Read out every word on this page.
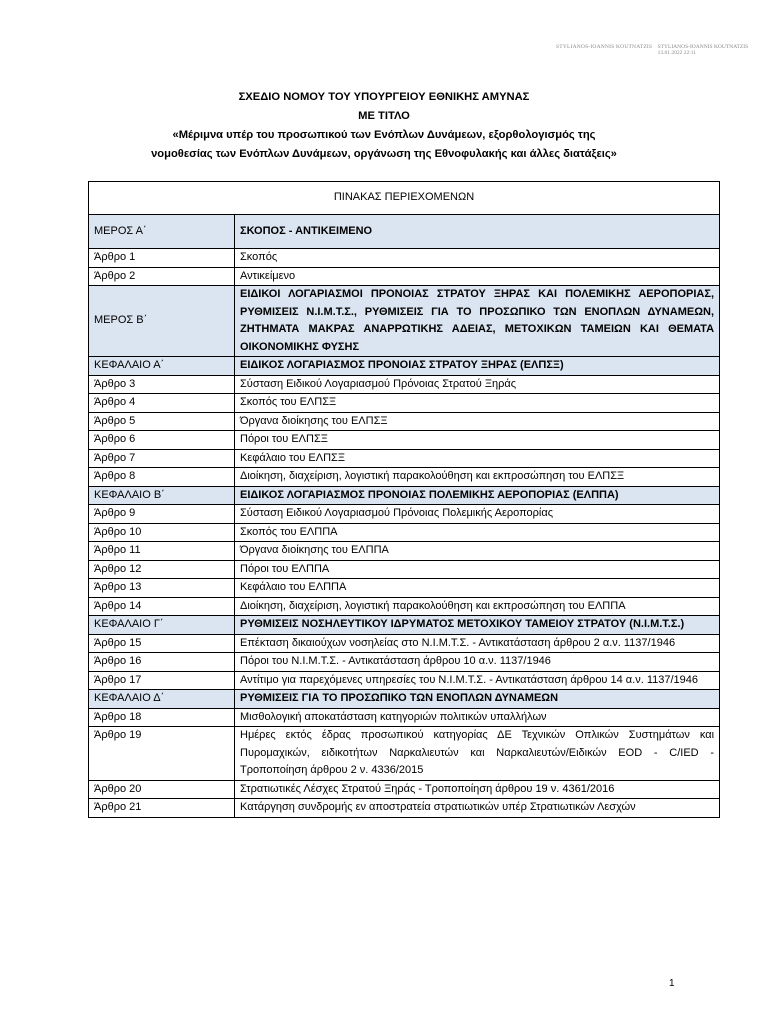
STYLIANOS-IOANNIS KOUTNATZIS STYLIANOS-IOANNIS KOUTNATZIS
13.01.2022 22:11
ΣΧΕΔΙΟ ΝΟΜΟΥ ΤΟΥ ΥΠΟΥΡΓΕΙΟΥ ΕΘΝΙΚΗΣ ΑΜΥΝΑΣ
ΜΕ ΤΙΤΛΟ
«Μέριμνα υπέρ του προσωπικού των Ενόπλων Δυνάμεων, εξορθολογισμός της
νομοθεσίας των Ενόπλων Δυνάμεων, οργάνωση της Εθνοφυλακής και άλλες διατάξεις»
ΠΙΝΑΚΑΣ ΠΕΡΙΕΧΟΜΕΝΩΝ	
ΜΕΡΟΣ Α΄	ΣΚΟΠΟΣ - ΑΝΤΙΚΕΙΜΕΝΟ
Άρθρο 1	Σκοπός
Άρθρο 2	Αντικείμενο
ΜΕΡΟΣ Β΄	ΕΙΔΙΚΟΙ ΛΟΓΑΡΙΑΣΜΟΙ ΠΡΟΝΟΙΑΣ ΣΤΡΑΤΟΥ ΞΗΡΑΣ ΚΑΙ ΠΟΛΕΜΙΚΗΣ ΑΕΡΟΠΟΡΙΑΣ, ΡΥΘΜΙΣΕΙΣ Ν.Ι.Μ.Τ.Σ., ΡΥΘΜΙΣΕΙΣ ΓΙΑ ΤΟ ΠΡΟΣΩΠΙΚΟ ΤΩΝ ΕΝΟΠΛΩΝ ΔΥΝΑΜΕΩΝ, ΖΗΤΗΜΑΤΑ ΜΑΚΡΑΣ ΑΝΑΡΡΩΤΙΚΗΣ ΑΔΕΙΑΣ, ΜΕΤΟΧΙΚΩΝ ΤΑΜΕΙΩΝ ΚΑΙ ΘΕΜΑΤΑ ΟΙΚΟΝΟΜΙΚΗΣ ΦΥΣΗΣ
ΚΕΦΑΛΑΙΟ Α΄	ΕΙΔΙΚΟΣ ΛΟΓΑΡΙΑΣΜΟΣ ΠΡΟΝΟΙΑΣ ΣΤΡΑΤΟΥ ΞΗΡΑΣ (ΕΛΠΣΞ)
Άρθρο 3	Σύσταση Ειδικού Λογαριασμού Πρόνοιας Στρατού Ξηράς
Άρθρο 4	Σκοπός του ΕΛΠΣΞ
Άρθρο 5	Όργανα διοίκησης του ΕΛΠΣΞ
Άρθρο 6	Πόροι του ΕΛΠΣΞ
Άρθρο 7	Κεφάλαιο του ΕΛΠΣΞ
Άρθρο 8	Διοίκηση, διαχείριση, λογιστική παρακολούθηση και εκπροσώπηση του ΕΛΠΣΞ
ΚΕΦΑΛΑΙΟ Β΄	ΕΙΔΙΚΟΣ ΛΟΓΑΡΙΑΣΜΟΣ ΠΡΟΝΟΙΑΣ ΠΟΛΕΜΙΚΗΣ ΑΕΡΟΠΟΡΙΑΣ (ΕΛΠΠΑ)
Άρθρο 9	Σύσταση Ειδικού Λογαριασμού Πρόνοιας Πολεμικής Αεροπορίας
Άρθρο 10	Σκοπός του ΕΛΠΠΑ
Άρθρο 11	Όργανα διοίκησης του ΕΛΠΠΑ
Άρθρο 12	Πόροι του ΕΛΠΠΑ
Άρθρο 13	Κεφάλαιο του ΕΛΠΠΑ
Άρθρο 14	Διοίκηση, διαχείριση, λογιστική παρακολούθηση και εκπροσώπηση του ΕΛΠΠΑ
ΚΕΦΑΛΑΙΟ Γ΄	ΡΥΘΜΙΣΕΙΣ ΝΟΣΗΛΕΥΤΙΚΟΥ ΙΔΡΥΜΑΤΟΣ ΜΕΤΟΧΙΚΟΥ ΤΑΜΕΙΟΥ ΣΤΡΑΤΟΥ (Ν.Ι.Μ.Τ.Σ.)
Άρθρο 15	Επέκταση δικαιούχων νοσηλείας στο Ν.Ι.Μ.Τ.Σ. - Αντικατάσταση άρθρου 2 α.ν. 1137/1946
Άρθρο 16	Πόροι του Ν.Ι.Μ.Τ.Σ. - Αντικατάσταση άρθρου 10 α.ν. 1137/1946
Άρθρο 17	Αντίτιμο για παρεχόμενες υπηρεσίες του Ν.Ι.Μ.Τ.Σ. - Αντικατάσταση άρθρου 14 α.ν. 1137/1946
ΚΕΦΑΛΑΙΟ Δ΄	ΡΥΘΜΙΣΕΙΣ ΓΙΑ ΤΟ ΠΡΟΣΩΠΙΚΟ ΤΩΝ ΕΝΟΠΛΩΝ ΔΥΝΑΜΕΩΝ
Άρθρο 18	Μισθολογική αποκατάσταση κατηγοριών πολιτικών υπαλλήλων
Άρθρο 19	Ημέρες εκτός έδρας προσωπικού κατηγορίας ΔΕ Τεχνικών Οπλικών Συστημάτων και Πυρομαχικών, ειδικοτήτων Ναρκαλιευτών και Ναρκαλιευτών/Ειδικών EOD - C/IED - Τροποποίηση άρθρου 2 ν. 4336/2015
Άρθρο 20	Στρατιωτικές Λέσχες Στρατού Ξηράς - Τροποποίηση άρθρου 19 ν. 4361/2016
Άρθρο 21	Κατάργηση συνδρομής εν αποστρατεία στρατιωτικών υπέρ Στρατιωτικών Λεσχών
1
